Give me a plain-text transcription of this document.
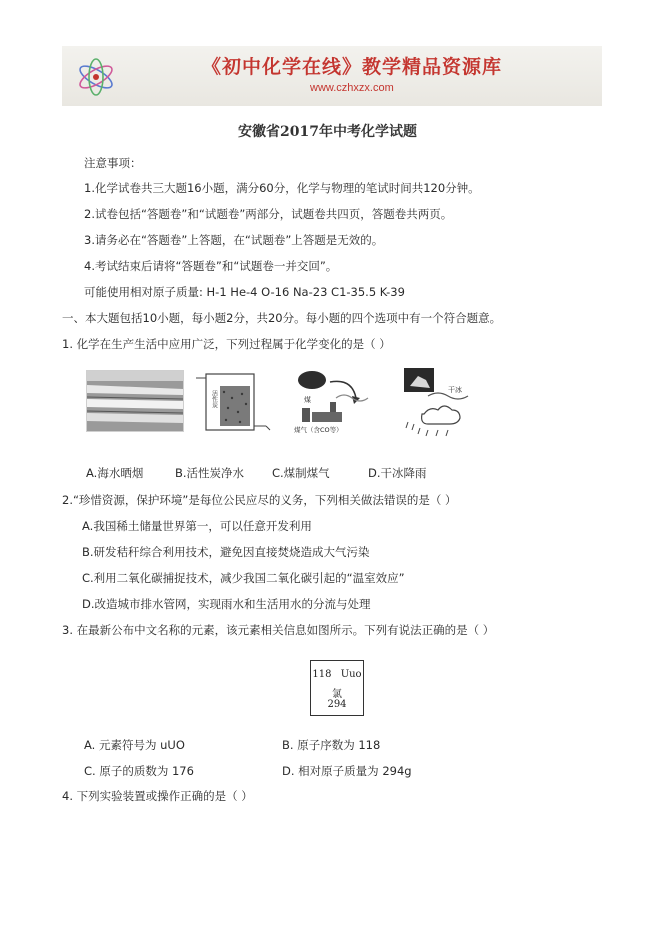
《初中化学在线》教学精品资源库
www.czhxzx.com
安徽省2017年中考化学试题
注意事项：
1.化学试卷共三大题16小题，满分60分，化学与物理的笔试时间共120分钟。
2.试卷包括“答题卷”和“试题卷”两部分，试题卷共四页，答题卷共两页。
3.请务必在“答题卷”上答题，在“试题卷”上答题是无效的。
4.考试结束后请将“答题卷”和“试题卷一并交回”。
可能使用相对原子质量: H-1 He-4 O-16 Na-23 C1-35.5 K-39
一、本大题包括10小题，每小题2分，共20分。每小题的四个选项中有一个符合题意。
1. 化学在生产生活中应用广泛，下列过程属于化学变化的是（ ）
活性炭	煤
煤气（含CO等）
干冰
A.海水晒烟	B.活性炭净水 C.煤制煤气	D.干冰降雨
2.“珍惜资源，保护环境”是每位公民应尽的义务，下列相关做法错误的是（ ）
A.我国稀土储量世界第一，可以任意开发利用
B.研发秸秆综合利用技术，避免因直接焚烧造成大气污染
C.利用二氧化碳捕捉技术，减少我国二氧化碳引起的“温室效应”
D.改造城市排水管网，实现雨水和生活用水的分流与处理
3. 在最新公布中文名称的元素，该元素相关信息如图所示。下列有说法正确的是（ ）
118 Uuo
氯
294
A. 元素符号为 uUO	B. 原子序数为 118
C. 原子的质数为 176	D. 相对原子质量为 294g
4. 下列实验装置或操作正确的是（ ）
